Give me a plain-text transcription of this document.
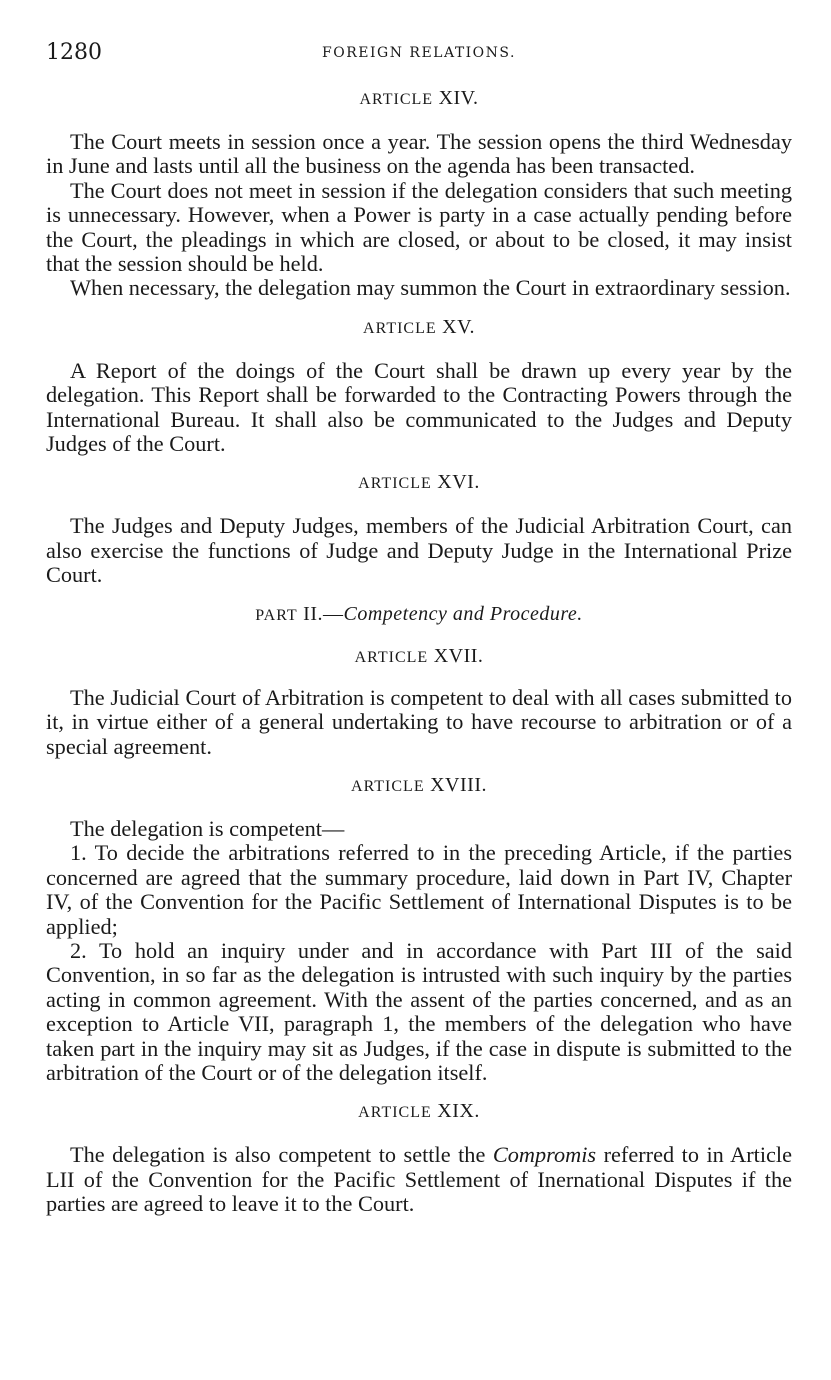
1280	FOREIGN RELATIONS.
ARTICLE XIV.

The Court meets in session once a year. The session opens the third Wednesday in June and lasts until all the business on the agenda has been transacted.

The Court does not meet in session if the delegation considers that such meeting is unnecessary. However, when a Power is party in a case actually pending before the Court, the pleadings in which are closed, or about to be closed, it may insist that the session should be held.

When necessary, the delegation may summon the Court in extraordinary session.

ARTICLE XV.

A Report of the doings of the Court shall be drawn up every year by the delegation. This Report shall be forwarded to the Contracting Powers through the International Bureau. It shall also be communicated to the Judges and Deputy Judges of the Court.

ARTICLE XVI.

The Judges and Deputy Judges, members of the Judicial Arbitration Court, can also exercise the functions of Judge and Deputy Judge in the International Prize Court.

PART II.—Competency and Procedure.
ARTICLE XVII.

The Judicial Court of Arbitration is competent to deal with all cases submitted to it, in virtue either of a general undertaking to have recourse to arbitration or of a special agreement.

ARTICLE XVIII.

The delegation is competent—

1. To decide the arbitrations referred to in the preceding Article, if the parties concerned are agreed that the summary procedure, laid down in Part IV, Chapter IV, of the Convention for the Pacific Settlement of International Disputes is to be applied;

2. To hold an inquiry under and in accordance with Part III of the said Convention, in so far as the delegation is intrusted with such inquiry by the parties acting in common agreement. With the assent of the parties concerned, and as an exception to Article VII, paragraph 1, the members of the delegation who have taken part in the inquiry may sit as Judges, if the case in dispute is submitted to the arbitration of the Court or of the delegation itself.

ARTICLE XIX.

The delegation is also competent to settle the Compromis referred to in Article LII of the Convention for the Pacific Settlement of Inernational Disputes if the parties are agreed to leave it to the Court.
